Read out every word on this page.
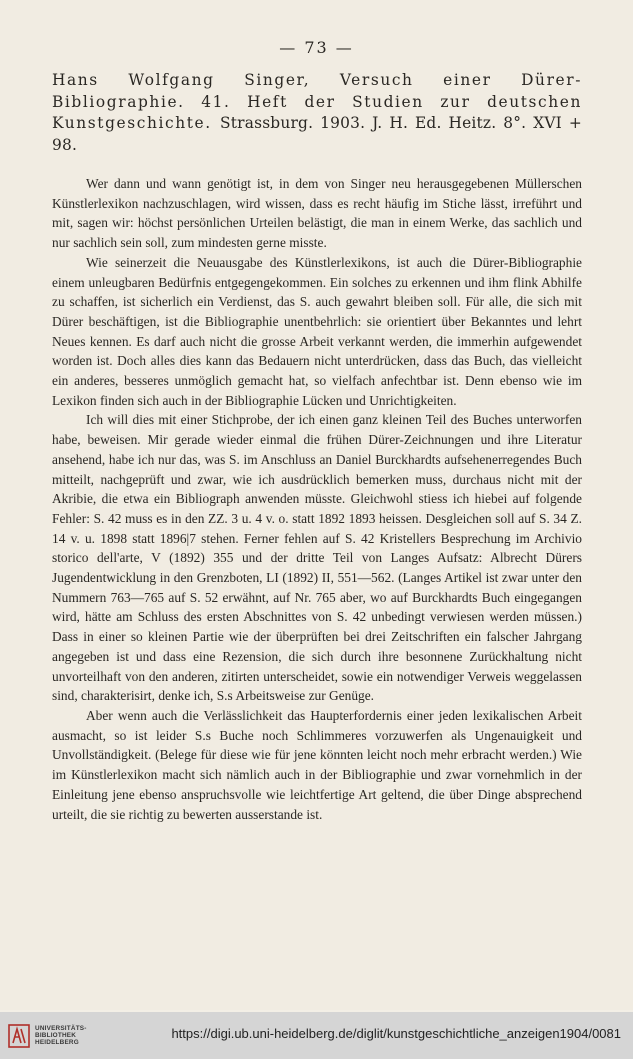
— 73 —

Hans Wolfgang Singer, Versuch einer Dürer-Bibliographie. 41. Heft der Studien zur deutschen Kunstgeschichte. Strassburg. 1903. J. H. Ed. Heitz. 8°. XVI + 98.

Wer dann und wann genötigt ist, in dem von Singer neu herausgegebenen Müllerschen Künstlerlexikon nachzuschlagen, wird wissen, dass es recht häufig im Stiche lässt, irreführt und mit, sagen wir: höchst persönlichen Urteilen belästigt, die man in einem Werke, das sachlich und nur sachlich sein soll, zum mindesten gerne misste.

Wie seinerzeit die Neuausgabe des Künstlerlexikons, ist auch die Dürer-Bibliographie einem unleugbaren Bedürfnis entgegengekommen. Ein solches zu erkennen und ihm flink Abhilfe zu schaffen, ist sicherlich ein Verdienst, das S. auch gewahrt bleiben soll. Für alle, die sich mit Dürer beschäftigen, ist die Bibliographie unentbehrlich: sie orientiert über Bekanntes und lehrt Neues kennen. Es darf auch nicht die grosse Arbeit verkannt werden, die immerhin aufgewendet worden ist. Doch alles dies kann das Bedauern nicht unterdrücken, dass das Buch, das vielleicht ein anderes, besseres unmöglich gemacht hat, so vielfach anfechtbar ist. Denn ebenso wie im Lexikon finden sich auch in der Bibliographie Lücken und Unrichtigkeiten.

Ich will dies mit einer Stichprobe, der ich einen ganz kleinen Teil des Buches unterworfen habe, beweisen. Mir gerade wieder einmal die frühen Dürer-Zeichnungen und ihre Literatur ansehend, habe ich nur das, was S. im Anschluss an Daniel Burckhardts aufsehenerregendes Buch mitteilt, nachgeprüft und zwar, wie ich ausdrücklich bemerken muss, durchaus nicht mit der Akribie, die etwa ein Bibliograph anwenden müsste. Gleichwohl stiess ich hiebei auf folgende Fehler: S. 42 muss es in den ZZ. 3 u. 4 v. o. statt 1892 1893 heissen. Desgleichen soll auf S. 34 Z. 14 v. u. 1898 statt 1896|7 stehen. Ferner fehlen auf S. 42 Kristellers Besprechung im Archivio storico dell'arte, V (1892) 355 und der dritte Teil von Langes Aufsatz: Albrecht Dürers Jugendentwicklung in den Grenzboten, LI (1892) II, 551—562. (Langes Artikel ist zwar unter den Nummern 763—765 auf S. 52 erwähnt, auf Nr. 765 aber, wo auf Burckhardts Buch eingegangen wird, hätte am Schluss des ersten Abschnittes von S. 42 unbedingt verwiesen werden müssen.) Dass in einer so kleinen Partie wie der überprüften bei drei Zeitschriften ein falscher Jahrgang angegeben ist und dass eine Rezension, die sich durch ihre besonnene Zurückhaltung nicht unvorteilhaft von den anderen, zitirten unterscheidet, sowie ein notwendiger Verweis weggelassen sind, charakterisirt, denke ich, S.s Arbeitsweise zur Genüge.

Aber wenn auch die Verlässlichkeit das Haupterfordernis einer jeden lexikalischen Arbeit ausmacht, so ist leider S.s Buche noch Schlimmeres vorzuwerfen als Ungenauigkeit und Unvollständigkeit. (Belege für diese wie für jene könnten leicht noch mehr erbracht werden.) Wie im Künstlerlexikon macht sich nämlich auch in der Bibliographie und zwar vornehmlich in der Einleitung jene ebenso anspruchsvolle wie leichtfertige Art geltend, die über Dinge absprechend urteilt, die sie richtig zu bewerten ausserstande ist.

UNIVERSITÄTS-
BIBLIOTHEK
HEIDELBERG
https://digi.ub.uni-heidelberg.de/diglit/kunstgeschichtliche_anzeigen1904/0081
